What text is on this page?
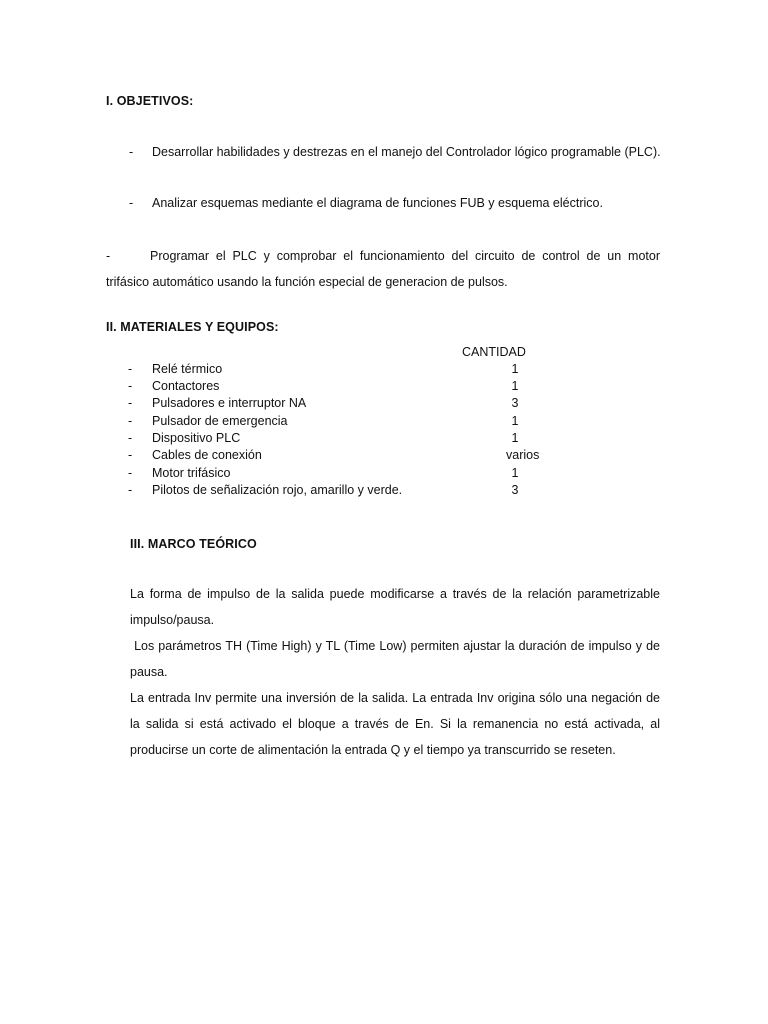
I. OBJETIVOS:
- Desarrollar habilidades y destrezas en el manejo del Controlador lógico programable (PLC).
- Analizar esquemas mediante el diagrama de funciones FUB y esquema eléctrico.
-	Programar el PLC y comprobar el funcionamiento del circuito de control de un motor
trifásico automático usando la función especial de generacion de pulsos.
II. MATERIALES Y EQUIPOS:
CANTIDAD
- Relé térmico	1
- Contactores	1
- Pulsadores e interruptor NA	3
- Pulsador de emergencia	1
- Dispositivo PLC	1
- Cables de conexión	varios
- Motor trifásico	1
- Pilotos de señalización rojo, amarillo y verde.	3
III. MARCO TEÓRICO
La forma de impulso de la salida puede modificarse a través de la relación parametrizable
impulso/pausa.
Los parámetros TH (Time High) y TL (Time Low) permiten ajustar la duración de impulso y de
pausa.
La entrada Inv permite una inversión de la salida. La entrada Inv origina sólo una negación de
la salida si está activado el bloque a través de En. Si la remanencia no está activada, al
producirse un corte de alimentación la entrada Q y el tiempo ya transcurrido se reseten.
